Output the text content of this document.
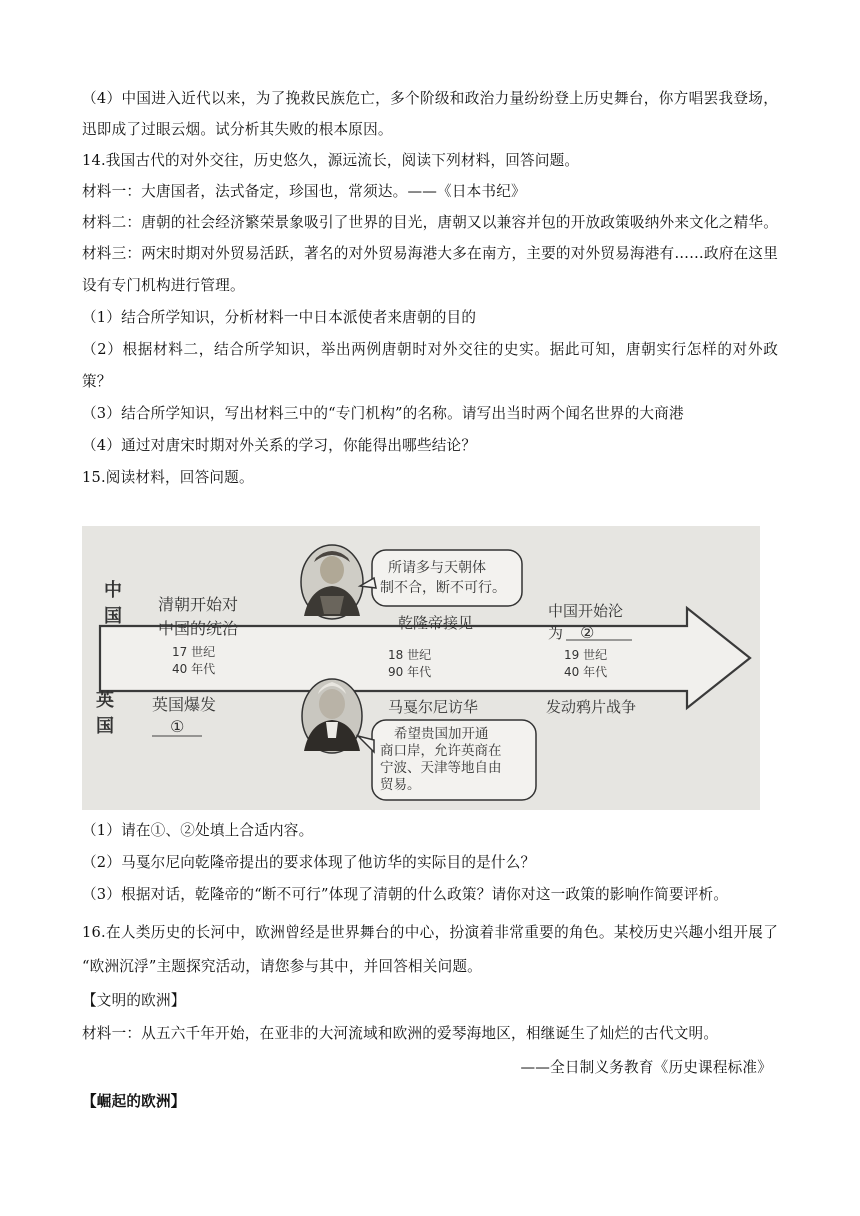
（4）中国进入近代以来，为了挽救民族危亡，多个阶级和政治力量纷纷登上历史舞台，你方唱罢我登场，
迅即成了过眼云烟。试分析其失败的根本原因。
14.我国古代的对外交往，历史悠久，源远流长，阅读下列材料，回答问题。
材料一：大唐国者，法式备定，珍国也，常须达。——《日本书纪》
材料二：唐朝的社会经济繁荣景象吸引了世界的目光，唐朝又以兼容并包的开放政策吸纳外来文化之精华。
材料三：两宋时期对外贸易活跃，著名的对外贸易海港大多在南方，主要的对外贸易海港有……政府在这里
设有专门机构进行管理。
（1）结合所学知识，分析材料一中日本派使者来唐朝的目的
（2）根据材料二，结合所学知识，举出两例唐朝时对外交往的史实。据此可知，唐朝实行怎样的对外政
策？
（3）结合所学知识，写出材料三中的“专门机构”的名称。请写出当时两个闻名世界的大商港
（4）通过对唐宋时期对外关系的学习，你能得出哪些结论？
15.阅读材料，回答问题。
中
国
英
国
清朝开始对
中国的统治	乾隆帝接见
中国开始沦
为 ②
17 世纪
40 年代
18 世纪
90 年代
19 世纪
40 年代
英国爆发
①
马戛尔尼访华	发动鸦片战争
所请多与天朝体
制不合，断不可行。
希望贵国加开通
商口岸，允许英商在
宁波、天津等地自由
贸易。
（1）请在①、②处填上合适内容。
（2）马戛尔尼向乾隆帝提出的要求体现了他访华的实际目的是什么？
（3）根据对话，乾隆帝的“断不可行”体现了清朝的什么政策？请你对这一政策的影响作简要评析。
16.在人类历史的长河中，欧洲曾经是世界舞台的中心，扮演着非常重要的角色。某校历史兴趣小组开展了
“欧洲沉浮”主题探究活动，请您参与其中，并回答相关问题。
【文明的欧洲】
材料一：从五六千年开始，在亚非的大河流域和欧洲的爱琴海地区，相继诞生了灿烂的古代文明。
——全日制义务教育《历史课程标准》
【崛起的欧洲】
